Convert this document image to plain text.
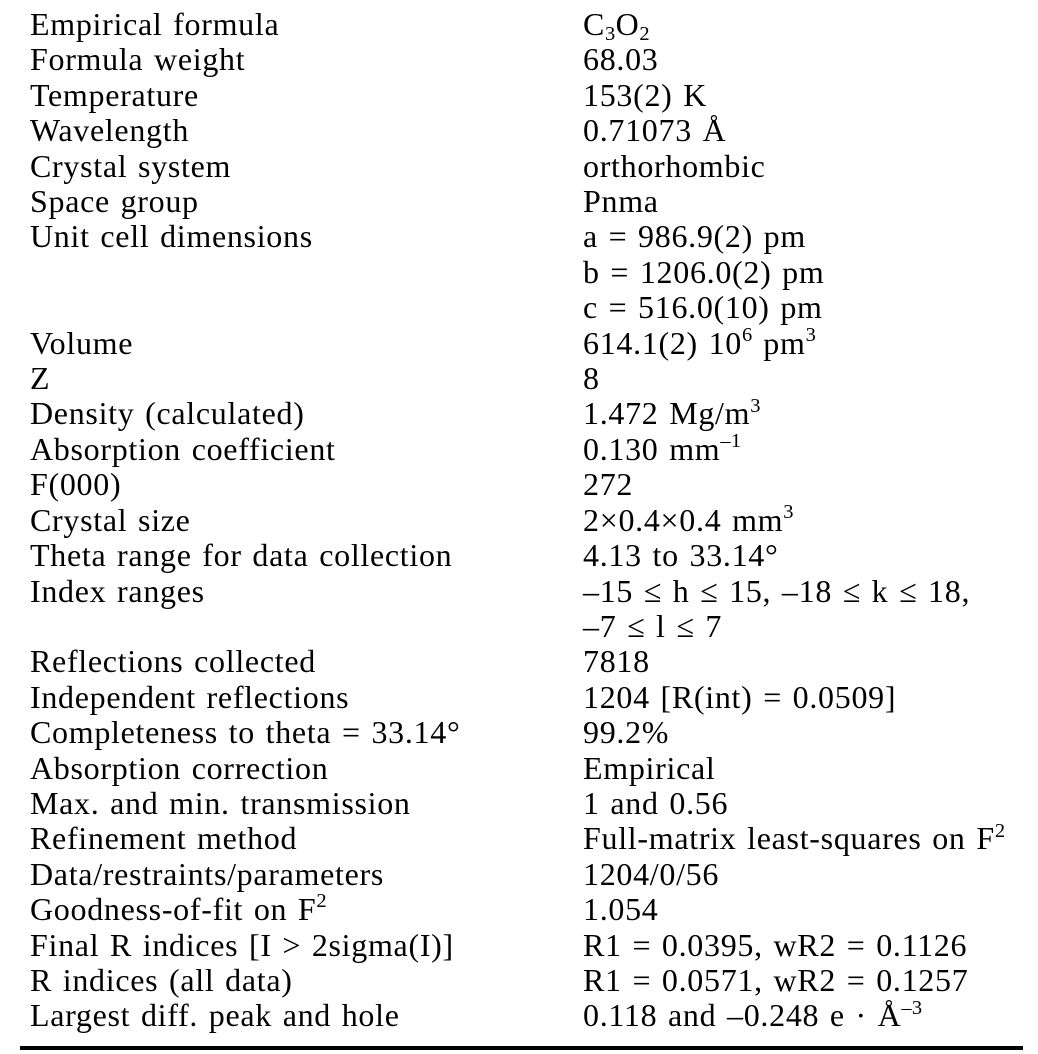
Empirical formula	$C_3O_2$
Formula weight	68.03
Temperature	153(2) K
Wavelength	0.71073 Å
Crystal system	orthorhombic
Space group	Pnma
Unit cell dimensions	a = 986.9(2) pm
b = 1206.0(2) pm
c = 516.0(10) pm
Volume	614.1(2) $10^6$ $pm^3$
Z	8
Density (calculated)	1.472 $Mg/m^3$
Absorption coefficient	0.130 $mm^{-1}$
F(000)	272
Crystal size	2×0.4×0.4 $mm^3$
Theta range for data collection	4.13 to 33.14°
Index ranges	–15 ≤ h ≤ 15, –18 ≤ k ≤ 18,
–7 ≤ l ≤ 7
Reflections collected	7818
Independent reflections	1204 [R(int) = 0.0509]
Completeness to theta = 33.14°	99.2%
Absorption correction	Empirical
Max. and min. transmission	1 and 0.56
Refinement method	Full-matrix least-squares on $F^2$
Data/restraints/parameters	1204/0/56
Goodness-of-fit on $F^2$	1.054
Final R indices [I > 2sigma(I)]	R1 = 0.0395, wR2 = 0.1126
R indices (all data)	R1 = 0.0571, wR2 = 0.1257
Largest diff. peak and hole	0.118 and –0.248 $e \cdot Å^{-3}$
